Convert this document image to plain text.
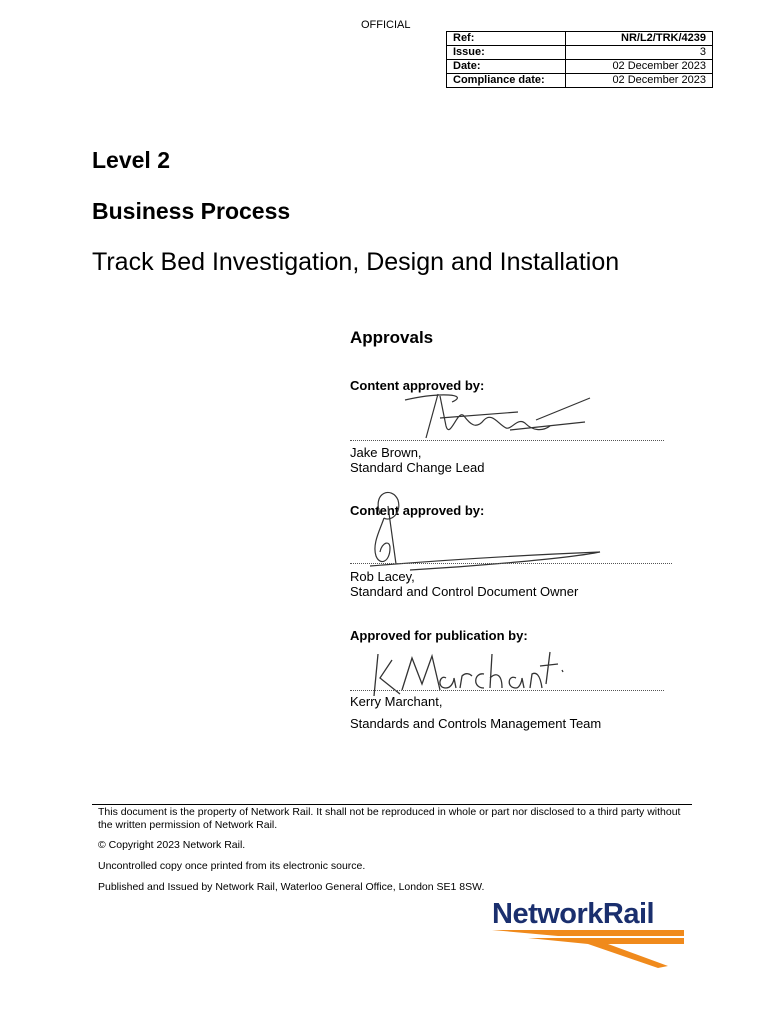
OFFICIAL
Ref:	NR/L2/TRK/4239
Issue:	3
Date:	02 December 2023
Compliance date:	02 December 2023
Level 2
Business Process
Track Bed Investigation, Design and Installation
Approvals
Content approved by:
Jake Brown,
Standard Change Lead
Content approved by:
Rob Lacey,
Standard and Control Document Owner
Approved for publication by:
Kerry Marchant,
Standards and Controls Management Team
This document is the property of Network Rail. It shall not be reproduced in whole or part nor disclosed to a third party without the written permission of Network Rail.
© Copyright 2023 Network Rail.
Uncontrolled copy once printed from its electronic source.
Published and Issued by Network Rail, Waterloo General Office, London SE1 8SW.
NetworkRail
